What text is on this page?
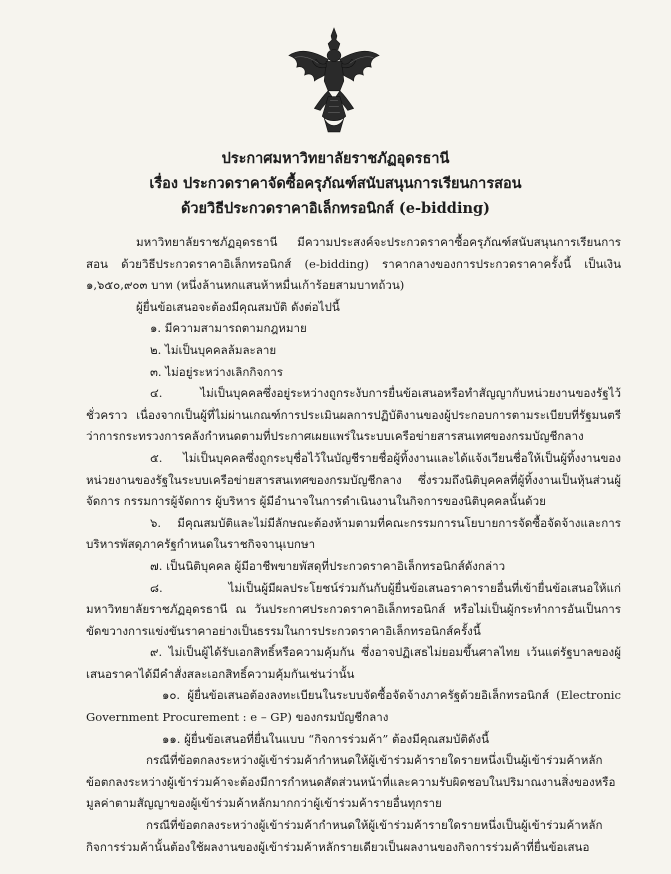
ประกาศมหาวิทยาลัยราชภัฏอุดรธานี
เรื่อง ประกวดราคาจัดซื้อครุภัณฑ์สนับสนุนการเรียนการสอน
ด้วยวิธีประกวดราคาอิเล็กทรอนิกส์ (e-bidding)

มหาวิทยาลัยราชภัฏอุดรธานี มีความประสงค์จะประกวดราคาซื้อครุภัณฑ์สนับสนุนการเรียนการสอน ด้วยวิธีประกวดราคาอิเล็กทรอนิกส์ (e-bidding) ราคากลางของการประกวดราคาครั้งนี้ เป็นเงิน ๑,๖๕๐,๙๐๓ บาท (หนึ่งล้านหกแสนห้าหมื่นเก้าร้อยสามบาทถ้วน)

ผู้ยื่นข้อเสนอจะต้องมีคุณสมบัติ ดังต่อไปนี้

๑. มีความสามารถตามกฎหมาย

๒. ไม่เป็นบุคคลล้มละลาย

๓. ไม่อยู่ระหว่างเลิกกิจการ

๔. ไม่เป็นบุคคลซึ่งอยู่ระหว่างถูกระงับการยื่นข้อเสนอหรือทำสัญญากับหน่วยงานของรัฐไว้ชั่วคราว เนื่องจากเป็นผู้ที่ไม่ผ่านเกณฑ์การประเมินผลการปฏิบัติงานของผู้ประกอบการตามระเบียบที่รัฐมนตรีว่าการกระทรวงการคลังกำหนดตามที่ประกาศเผยแพร่ในระบบเครือข่ายสารสนเทศของกรมบัญชีกลาง

๕. ไม่เป็นบุคคลซึ่งถูกระบุชื่อไว้ในบัญชีรายชื่อผู้ทิ้งงานและได้แจ้งเวียนชื่อให้เป็นผู้ทิ้งงานของหน่วยงานของรัฐในระบบเครือข่ายสารสนเทศของกรมบัญชีกลาง ซึ่งรวมถึงนิติบุคคลที่ผู้ทิ้งงานเป็นหุ้นส่วนผู้จัดการ กรรมการผู้จัดการ ผู้บริหาร ผู้มีอำนาจในการดำเนินงานในกิจการของนิติบุคคลนั้นด้วย

๖. มีคุณสมบัติและไม่มีลักษณะต้องห้ามตามที่คณะกรรมการนโยบายการจัดซื้อจัดจ้างและการบริหารพัสดุภาครัฐกำหนดในราชกิจจานุเบกษา

๗. เป็นนิติบุคคล ผู้มีอาชีพขายพัสดุที่ประกวดราคาอิเล็กทรอนิกส์ดังกล่าว

๘. ไม่เป็นผู้มีผลประโยชน์ร่วมกันกับผู้ยื่นข้อเสนอราคารายอื่นที่เข้ายื่นข้อเสนอให้แก่มหาวิทยาลัยราชภัฏอุดรธานี ณ วันประกาศประกวดราคาอิเล็กทรอนิกส์ หรือไม่เป็นผู้กระทำการอันเป็นการขัดขวางการแข่งขันราคาอย่างเป็นธรรมในการประกวดราคาอิเล็กทรอนิกส์ครั้งนี้

๙. ไม่เป็นผู้ได้รับเอกสิทธิ์หรือความคุ้มกัน ซึ่งอาจปฏิเสธไม่ยอมขึ้นศาลไทย เว้นแต่รัฐบาลของผู้เสนอราคาได้มีคำสั่งสละเอกสิทธิ์ความคุ้มกันเช่นว่านั้น

๑๐. ผู้ยื่นข้อเสนอต้องลงทะเบียนในระบบจัดซื้อจัดจ้างภาครัฐด้วยอิเล็กทรอนิกส์ (Electronic Government Procurement : e – GP) ของกรมบัญชีกลาง

๑๑. ผู้ยื่นข้อเสนอที่ยื่นในแบบ “กิจการร่วมค้า” ต้องมีคุณสมบัติดังนี้

กรณีที่ข้อตกลงระหว่างผู้เข้าร่วมค้ากำหนดให้ผู้เข้าร่วมค้ารายใดรายหนึ่งเป็นผู้เข้าร่วมค้าหลัก ข้อตกลงระหว่างผู้เข้าร่วมค้าจะต้องมีการกำหนดสัดส่วนหน้าที่และความรับผิดชอบในปริมาณงานสิ่งของหรือมูลค่าตามสัญญาของผู้เข้าร่วมค้าหลักมากกว่าผู้เข้าร่วมค้ารายอื่นทุกราย

กรณีที่ข้อตกลงระหว่างผู้เข้าร่วมค้ากำหนดให้ผู้เข้าร่วมค้ารายใดรายหนึ่งเป็นผู้เข้าร่วมค้าหลัก กิจการร่วมค้านั้นต้องใช้ผลงานของผู้เข้าร่วมค้าหลักรายเดียวเป็นผลงานของกิจการร่วมค้าที่ยื่นข้อเสนอ
